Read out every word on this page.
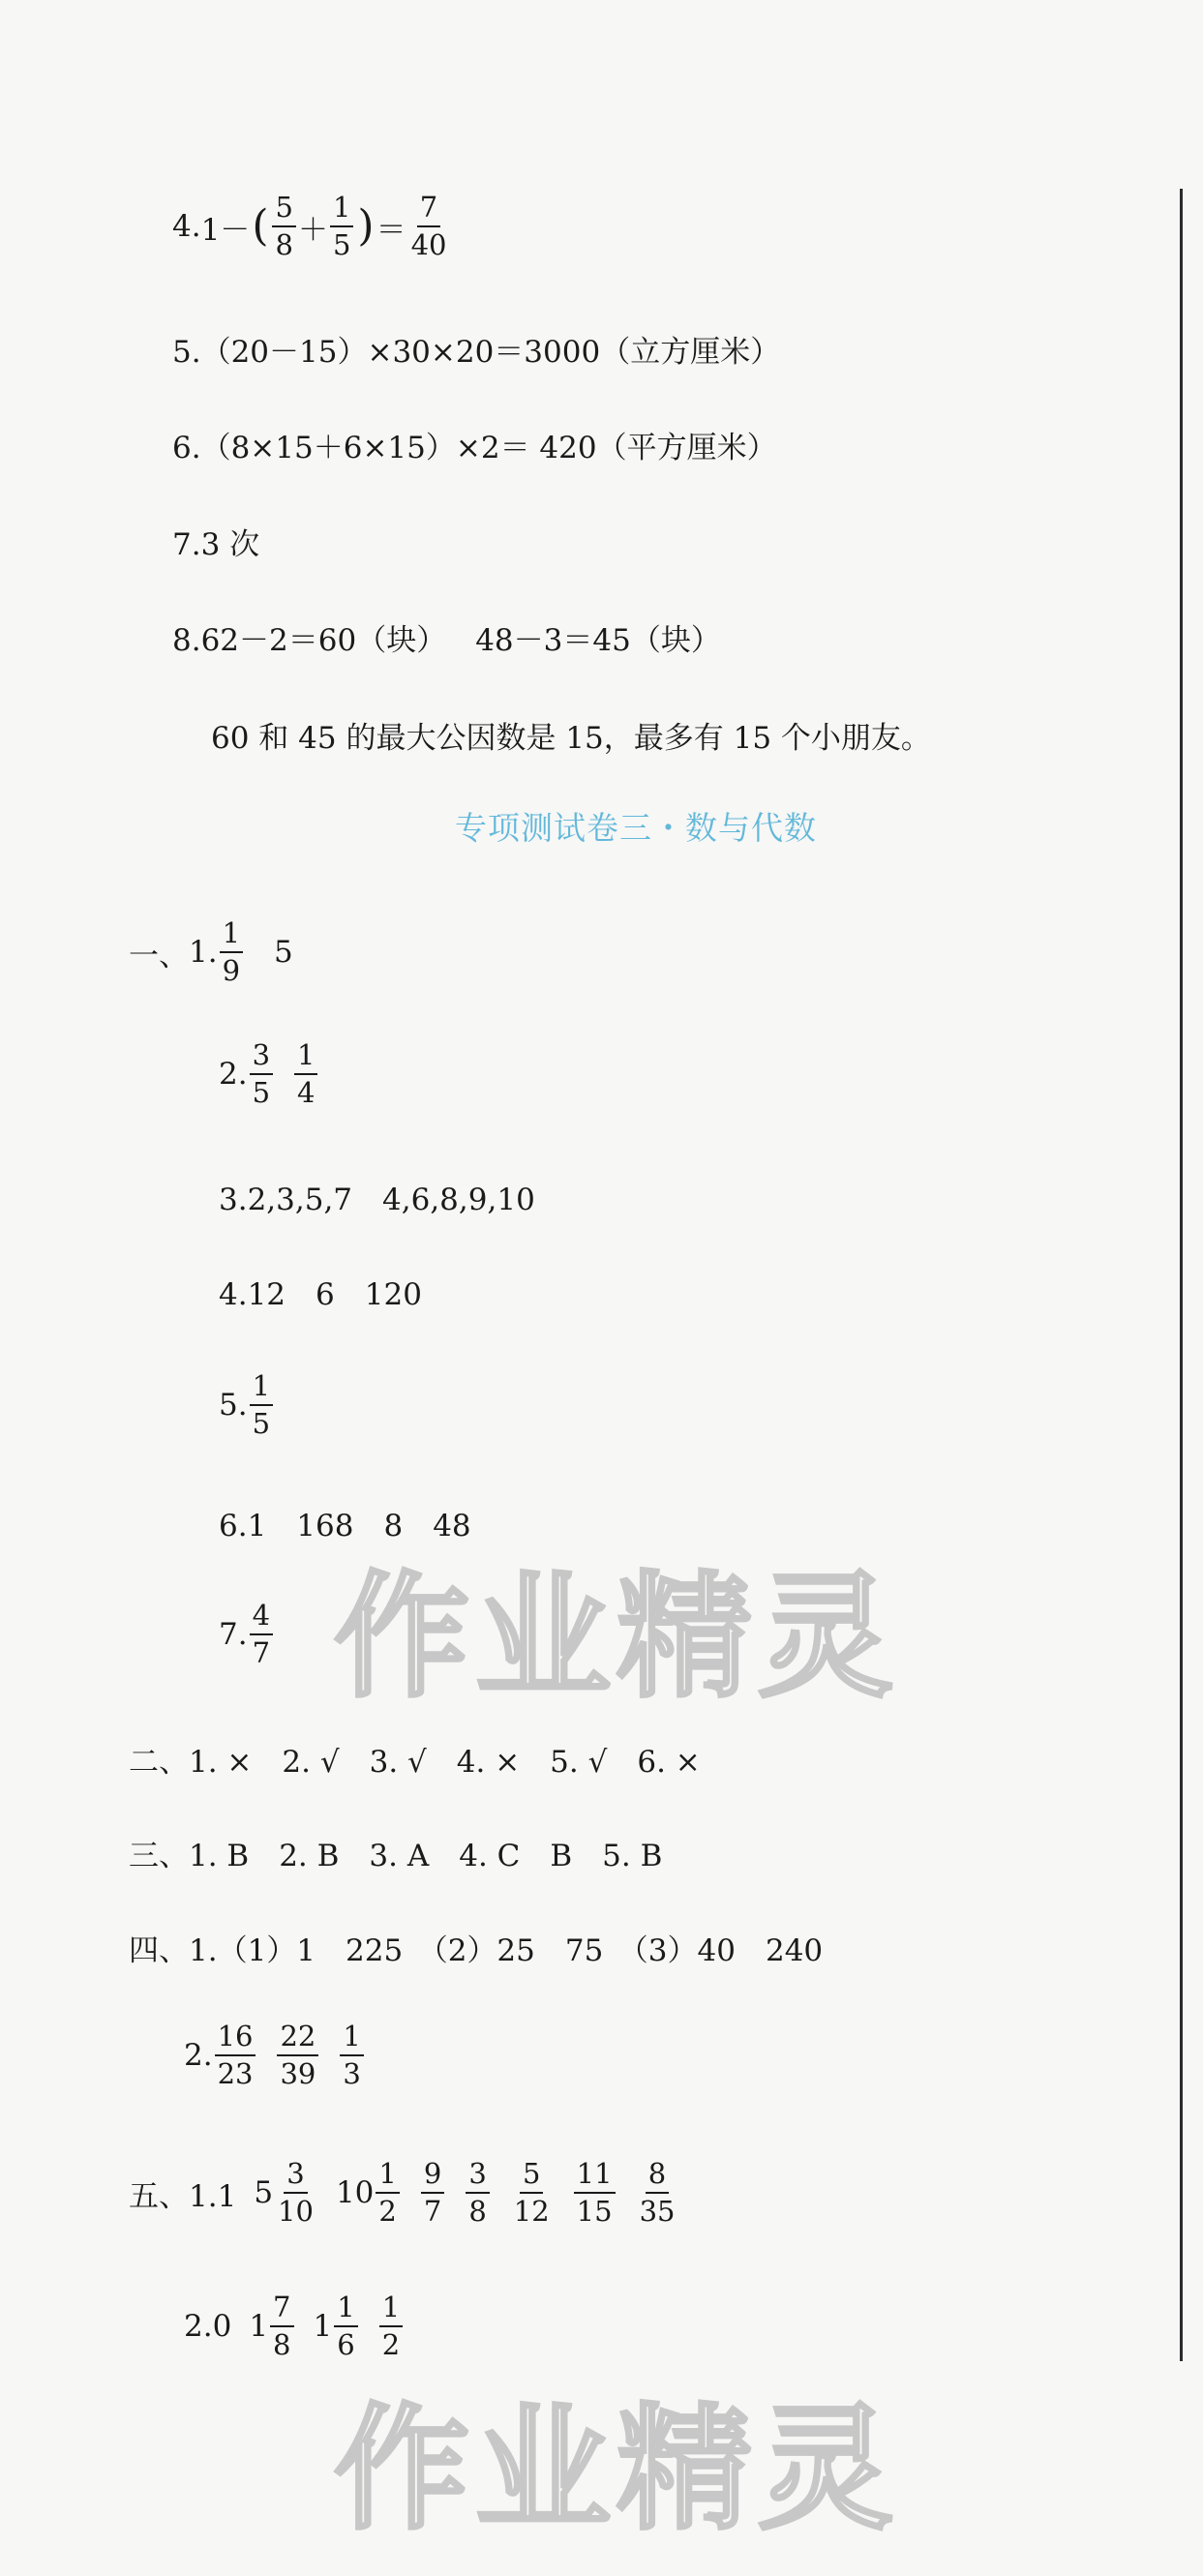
4. 1－ ( $\frac{5}{8} + \frac{1}{5}$ ) ＝ $\frac{7}{40}$
5.（20－15）×30×20＝3000（立方厘米）
6.（8×15＋6×15）×2＝ 420（平方厘米）
7.3 次
8.62－2＝60（块） 48－3＝45（块）
60 和 45 的最大公因数是 15，最多有 15 个小朋友。
专项测试卷三・数与代数
一、 1. $\frac{1}{9} 5$
2. $\frac{3}{5} \frac{1}{4}$
3.2,3,5,7　4,6,8,9,10
4.12　6　120
5. $\frac{1}{5}$
6.1　168　8　48
7. $\frac{4}{7}$
二、1. ×　2. √　3. √　4. ×　5. √　6. ×
三、1. B　2. B　3. A　4. C　B　5. B
四、1.（1）1　225　（2）25　75　（3）40　240
2. $\frac{16}{23} \frac{22}{39} \frac{1}{3}$
五、1.1 $5 \frac{3}{10} 10 \frac{1}{2} \frac{9}{7} \frac{3}{8} \frac{5}{12} \frac{11}{15} \frac{8}{35}$
2.0 $1 \frac{7}{8} 1 \frac{1}{6} \frac{1}{2}$
作业精灵
作业精灵
